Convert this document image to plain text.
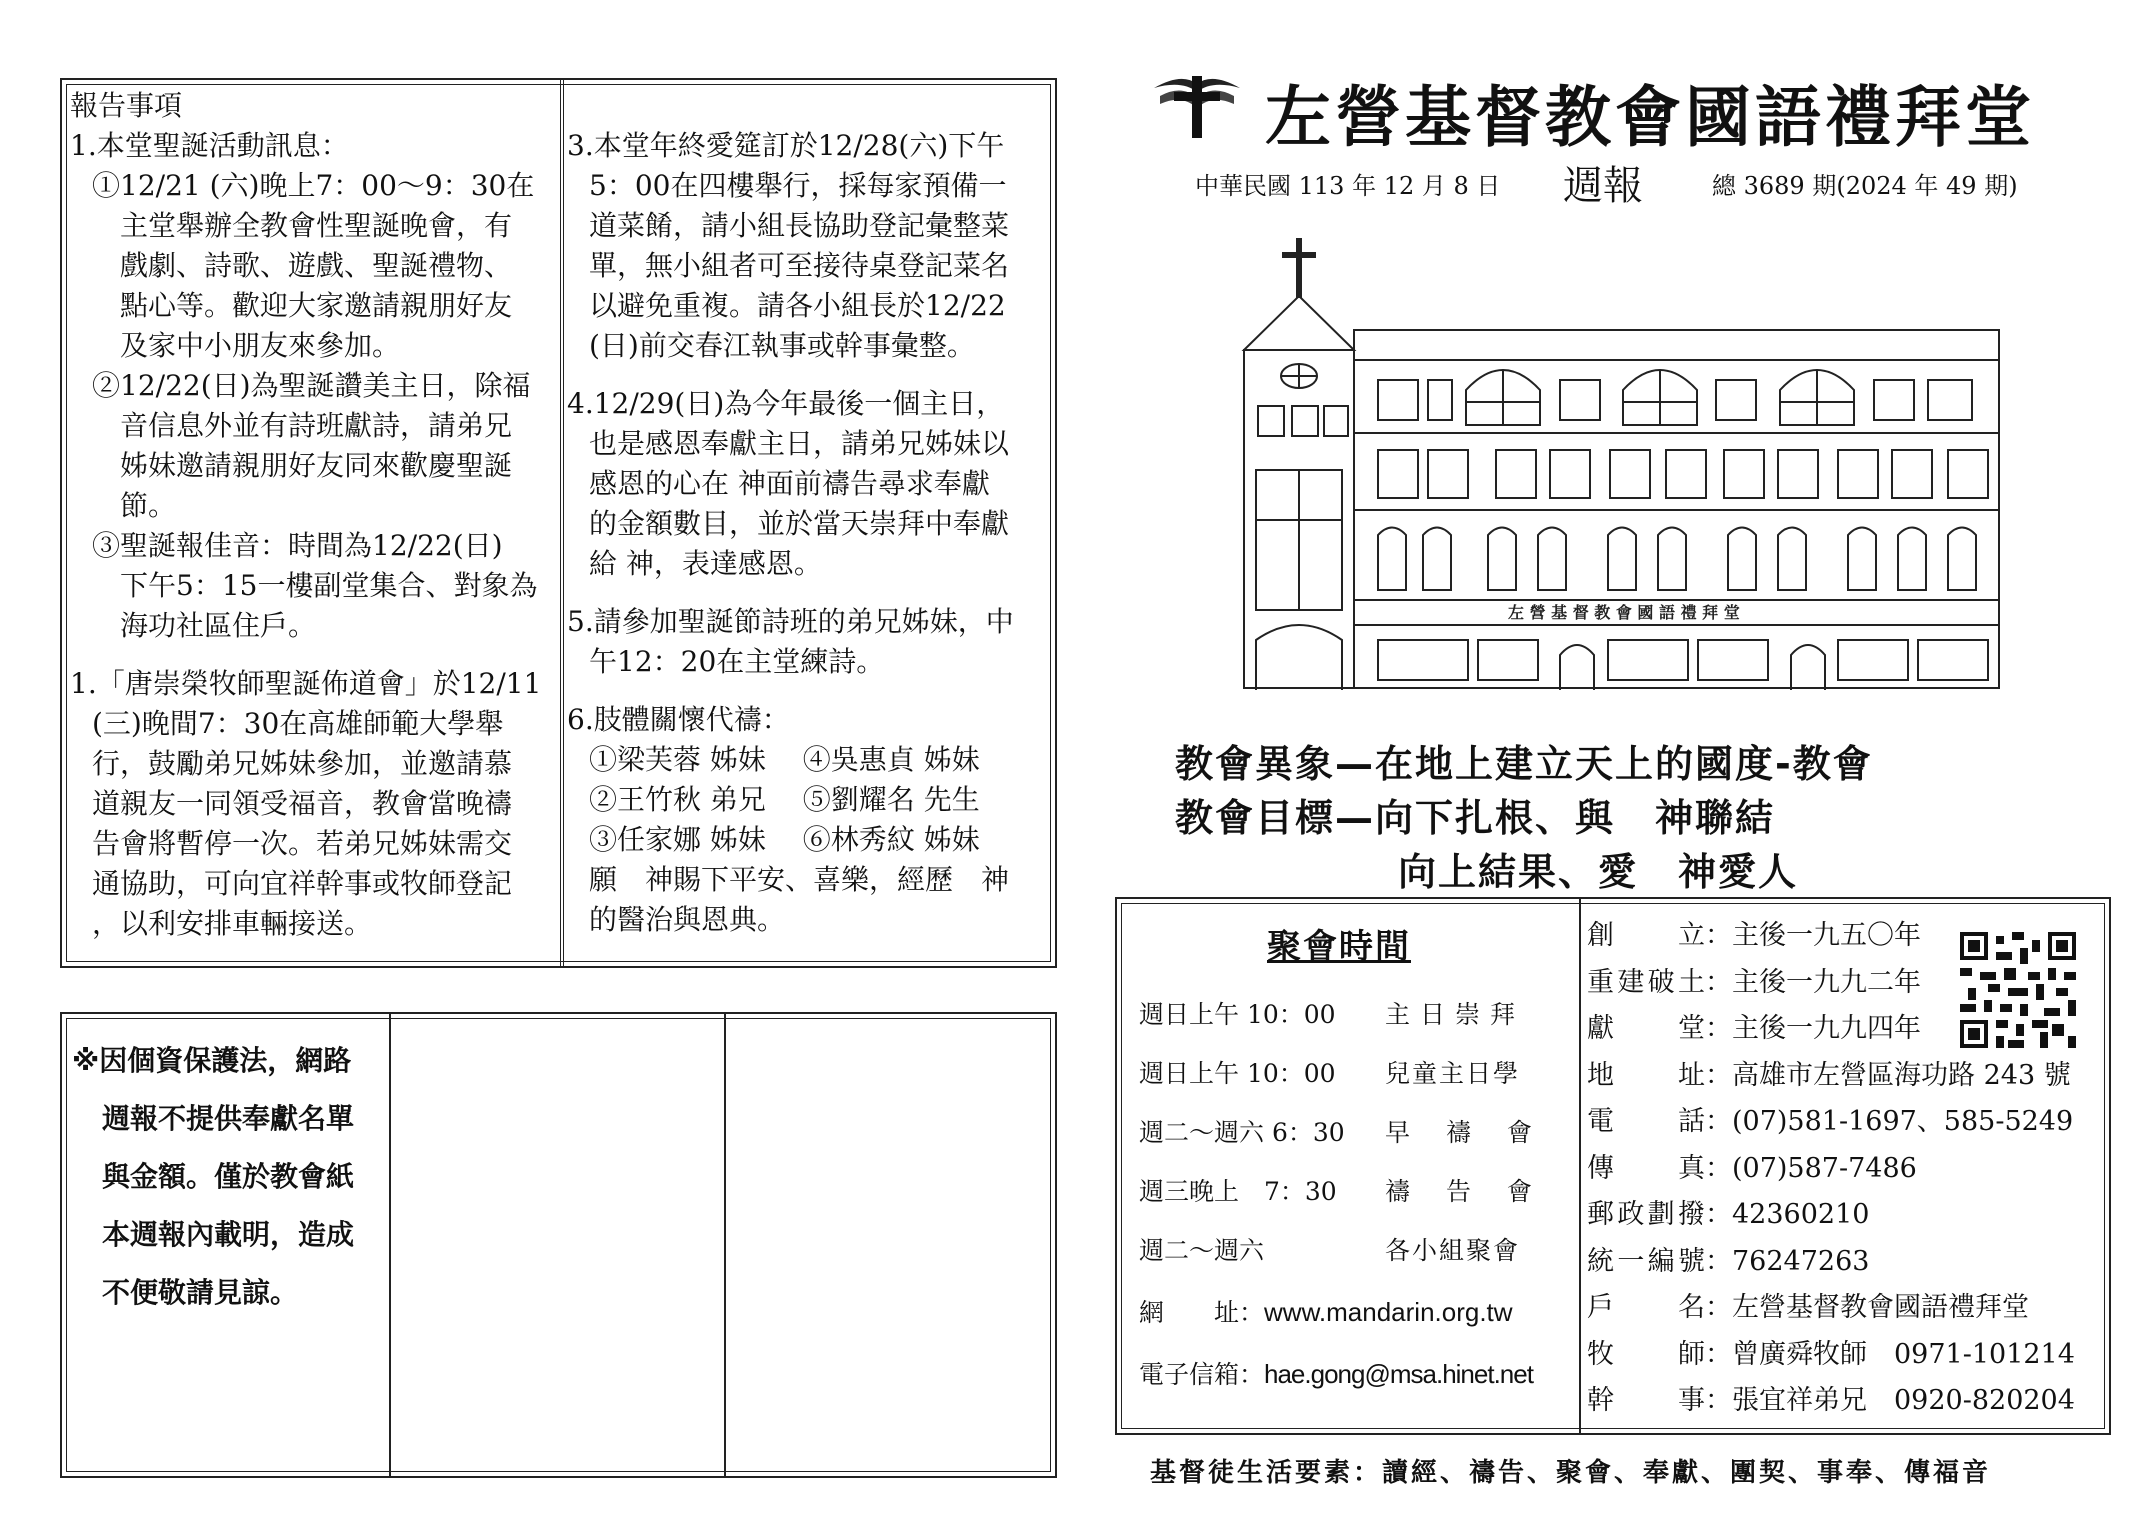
報告事項
1.本堂聖誕活動訊息：
①12/21 (六)晚上7：00～9：30在
主堂舉辦全教會性聖誕晚會，有
戲劇、詩歌、遊戲、聖誕禮物、
點心等。歡迎大家邀請親朋好友
及家中小朋友來參加。
②12/22(日)為聖誕讚美主日，除福
音信息外並有詩班獻詩，請弟兄
姊妹邀請親朋好友同來歡慶聖誕
節。
③聖誕報佳音：時間為12/22(日)
下午5：15一樓副堂集合、對象為
海功社區住戶。
1.「唐崇榮牧師聖誕佈道會」於12/11
(三)晚間7：30在高雄師範大學舉
行，鼓勵弟兄姊妹參加，並邀請慕
道親友一同領受福音，教會當晚禱
告會將暫停一次。若弟兄姊妹需交
通協助，可向宜祥幹事或牧師登記
，以利安排車輛接送。
3.本堂年終愛筵訂於12/28(六)下午
5：00在四樓舉行，採每家預備一
道菜餚，請小組長協助登記彙整菜
單，無小組者可至接待桌登記菜名
以避免重複。請各小組長於12/22
(日)前交春江執事或幹事彙整。
4.12/29(日)為今年最後一個主日，
也是感恩奉獻主日，請弟兄姊妹以
感恩的心在 神面前禱告尋求奉獻
的金額數目，並於當天崇拜中奉獻
給 神，表達感恩。
5.請參加聖誕節詩班的弟兄姊妹，中
午12：20在主堂練詩。
6.肢體關懷代禱：
①梁芙蓉 姊妹　 ④吳惠貞 姊妹
②王竹秋 弟兄　 ⑤劉耀名 先生
③任家娜 姊妹　 ⑥林秀紋 姊妹
願　神賜下平安、喜樂，經歷　神
的醫治與恩典。
※因個資保護法，網路
週報不提供奉獻名單
與金額。僅於教會紙
本週報內載明，造成
不便敬請見諒。
左營基督教會國語禮拜堂
中華民國 113 年 12 月 8 日 週報	總 3689 期(2024 年 49 期)
左 營 基 督 教 會 國 語 禮 拜 堂
教會異象—在地上建立天上的國度-教會
教會目標—向下扎根、與　神聯結
向上結果、愛　神愛人
聚會時間
週日上午 10：00 主日崇拜
週日上午 10：00 兒童主日學
週二～週六 6：30 早 禱 會
週三晚上　7：30 禱 告 會
週二～週六	各小組聚會
網　　址：www.mandarin.org.tw
電子信箱：hae.gong@msa.hinet.net
創立：主後一九五〇年
重建破土：主後一九九二年
獻堂：主後一九九四年
地址：高雄市左營區海功路 243 號
電話：(07)581-1697、585-5249
傳真：(07)587-7486
郵政劃撥：42360210
統一編號：76247263
戶名：左營基督教會國語禮拜堂
牧師：曾廣舜牧師　0971-101214
幹事：張宜祥弟兄　0920-820204
基督徒生活要素：讀經、禱告、聚會、奉獻、團契、事奉、傳福音
